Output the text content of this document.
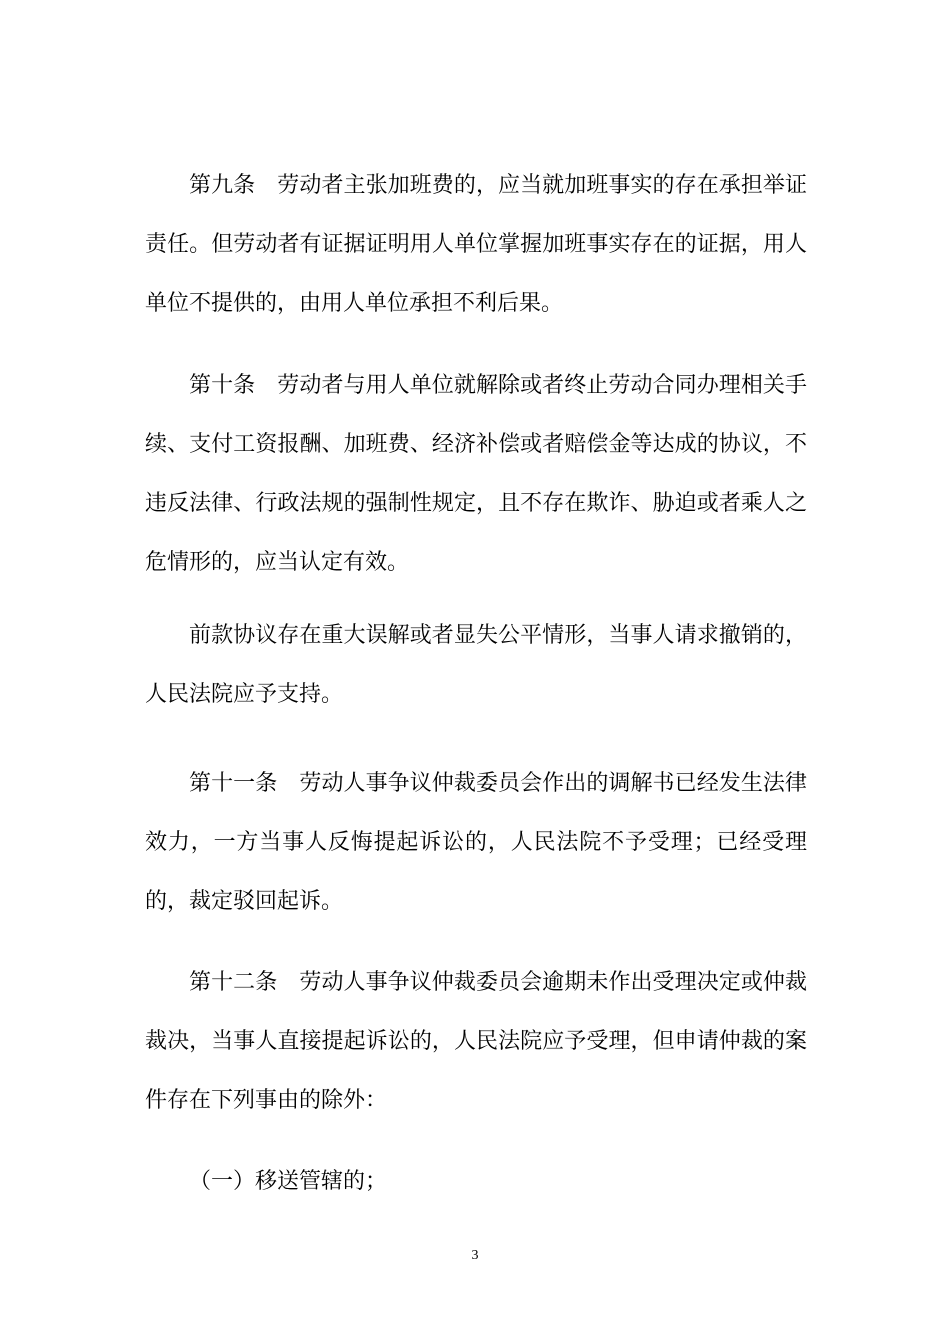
第九条　劳动者主张加班费的，应当就加班事实的存在承担举证责任。但劳动者有证据证明用人单位掌握加班事实存在的证据，用人单位不提供的，由用人单位承担不利后果。

第十条　劳动者与用人单位就解除或者终止劳动合同办理相关手续、支付工资报酬、加班费、经济补偿或者赔偿金等达成的协议，不违反法律、行政法规的强制性规定，且不存在欺诈、胁迫或者乘人之危情形的，应当认定有效。

前款协议存在重大误解或者显失公平情形，当事人请求撤销的，人民法院应予支持。

第十一条　劳动人事争议仲裁委员会作出的调解书已经发生法律效力，一方当事人反悔提起诉讼的，人民法院不予受理；已经受理的，裁定驳回起诉。

第十二条　劳动人事争议仲裁委员会逾期未作出受理决定或仲裁裁决，当事人直接提起诉讼的，人民法院应予受理，但申请仲裁的案件存在下列事由的除外：

（一）移送管辖的；

3
